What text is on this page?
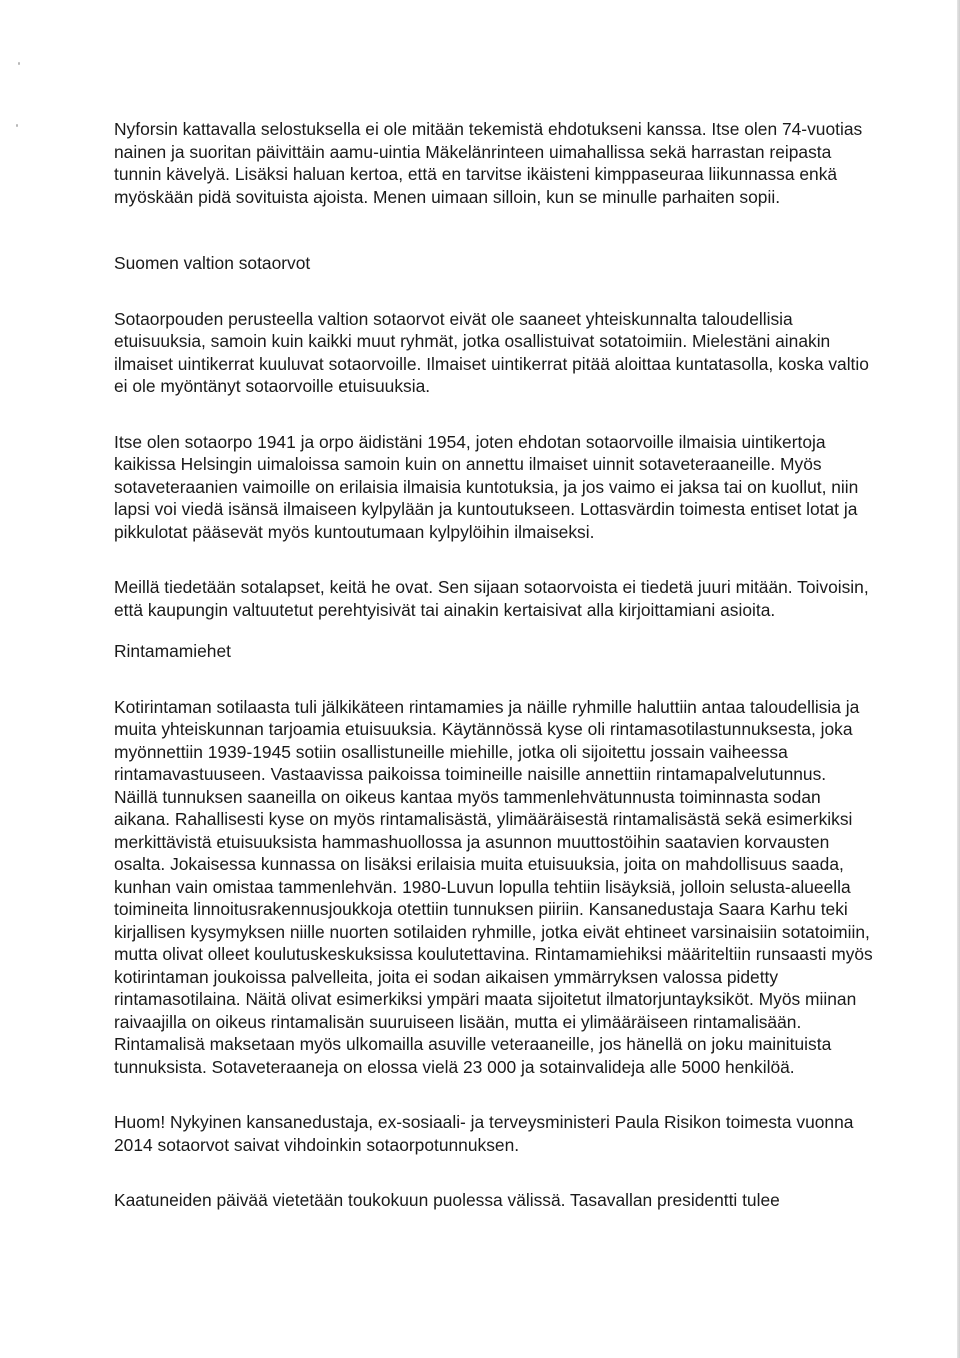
Nyforsin kattavalla selostuksella ei ole mitään tekemistä ehdotukseni kanssa. Itse olen 74-vuotias nainen ja suoritan päivittäin aamu-uintia Mäkelänrinteen uimahallissa sekä harrastan reipasta tunnin kävelyä. Lisäksi haluan kertoa, että en tarvitse ikäisteni kimppaseuraa liikunnassa enkä myöskään pidä sovituista ajoista. Menen uimaan silloin, kun se minulle parhaiten sopii.

Suomen valtion sotaorvot

Sotaorpouden perusteella valtion sotaorvot eivät ole saaneet yhteiskunnalta taloudellisia etuisuuksia, samoin kuin kaikki muut ryhmät, jotka osallistuivat sotatoimiin. Mielestäni ainakin ilmaiset uintikerrat kuuluvat sotaorvoille. Ilmaiset uintikerrat pitää aloittaa kuntatasolla, koska valtio ei ole myöntänyt sotaorvoille etuisuuksia.

Itse olen sotaorpo 1941 ja orpo äidistäni 1954, joten ehdotan sotaorvoille ilmaisia uintikertoja kaikissa Helsingin uimaloissa samoin kuin on annettu ilmaiset uinnit sotaveteraaneille. Myös sotaveteraanien vaimoille on erilaisia ilmaisia kuntotuksia, ja jos vaimo ei jaksa tai on kuollut, niin lapsi voi viedä isänsä ilmaiseen kylpylään ja kuntoutukseen. Lottasvärdin toimesta entiset lotat ja pikkulotat pääsevät myös kuntoutumaan kylpylöihin ilmaiseksi.

Meillä tiedetään sotalapset, keitä he ovat. Sen sijaan sotaorvoista ei tiedetä juuri mitään. Toivoisin, että kaupungin valtuutetut perehtyisivät tai ainakin kertaisivat alla kirjoittamiani asioita.

Rintamamiehet

Kotirintaman sotilaasta tuli jälkikäteen rintamamies ja näille ryhmille haluttiin antaa taloudellisia ja muita yhteiskunnan tarjoamia etuisuuksia. Käytännössä kyse oli rintamasotilastunnuksesta, joka myönnettiin 1939-1945 sotiin osallistuneille miehille, jotka oli sijoitettu jossain vaiheessa rintamavastuuseen. Vastaavissa paikoissa toimineille naisille annettiin rintamapalvelutunnus. Näillä tunnuksen saaneilla on oikeus kantaa myös tammenlehvätunnusta toiminnasta sodan aikana. Rahallisesti kyse on myös rintamalisästä, ylimääräisestä rintamalisästä sekä esimerkiksi merkittävistä etuisuuksista hammashuollossa ja asunnon muuttostöihin saatavien korvausten osalta. Jokaisessa kunnassa on lisäksi erilaisia muita etuisuuksia, joita on mahdollisuus saada, kunhan vain omistaa tammenlehvän. 1980-Luvun lopulla tehtiin lisäyksiä, jolloin selusta-alueella toimineita linnoitusrakennusjoukkoja otettiin tunnuksen piiriin. Kansanedustaja Saara Karhu teki kirjallisen kysymyksen niille nuorten sotilaiden ryhmille, jotka eivät ehtineet varsinaisiin sotatoimiin, mutta olivat olleet koulutuskeskuksissa koulutettavina. Rintamamiehiksi määriteltiin runsaasti myös kotirintaman joukoissa palvelleita, joita ei sodan aikaisen ymmärryksen valossa pidetty rintamasotilaina. Näitä olivat esimerkiksi ympäri maata sijoitetut ilmatorjuntayksiköt. Myös miinan raivaajilla on oikeus rintamalisän suuruiseen lisään, mutta ei ylimääräiseen rintamalisään. Rintamalisä maksetaan myös ulkomailla asuville veteraaneille, jos hänellä on joku mainituista tunnuksista. Sotaveteraaneja on elossa vielä 23 000 ja sotainvalideja alle 5000 henkilöä.

Huom! Nykyinen kansanedustaja, ex-sosiaali- ja terveysministeri Paula Risikon toimesta vuonna 2014 sotaorvot saivat vihdoinkin sotaorpotunnuksen.

Kaatuneiden päivää vietetään toukokuun puolessa välissä. Tasavallan presidentti tulee
